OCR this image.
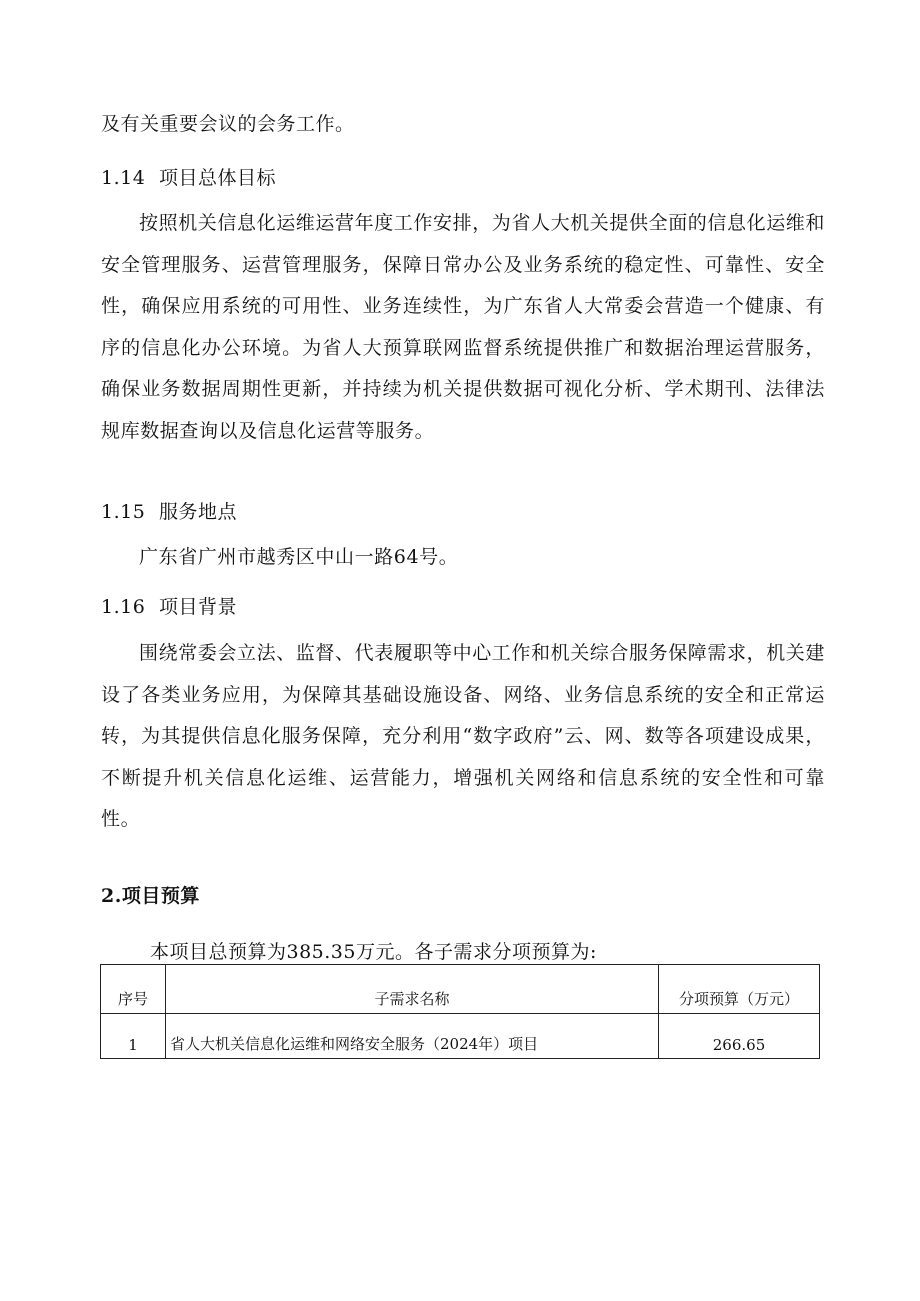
及有关重要会议的会务工作。
1.14 项目总体目标
按照机关信息化运维运营年度工作安排，为省人大机关提供全面的信息化运维和安全管理服务、运营管理服务，保障日常办公及业务系统的稳定性、可靠性、安全性，确保应用系统的可用性、业务连续性，为广东省人大常委会营造一个健康、有序的信息化办公环境。为省人大预算联网监督系统提供推广和数据治理运营服务，确保业务数据周期性更新，并持续为机关提供数据可视化分析、学术期刊、法律法规库数据查询以及信息化运营等服务。
1.15 服务地点
广东省广州市越秀区中山一路64号。
1.16 项目背景
围绕常委会立法、监督、代表履职等中心工作和机关综合服务保障需求，机关建设了各类业务应用，为保障其基础设施设备、网络、业务信息系统的安全和正常运转，为其提供信息化服务保障，充分利用“数字政府”云、网、数等各项建设成果，不断提升机关信息化运维、运营能力，增强机关网络和信息系统的安全性和可靠性。
2.项目预算
本项目总预算为385.35万元。各子需求分项预算为:
序号	子需求名称	分项预算（万元）
1	省人大机关信息化运维和网络安全服务（2024年）项目	266.65
